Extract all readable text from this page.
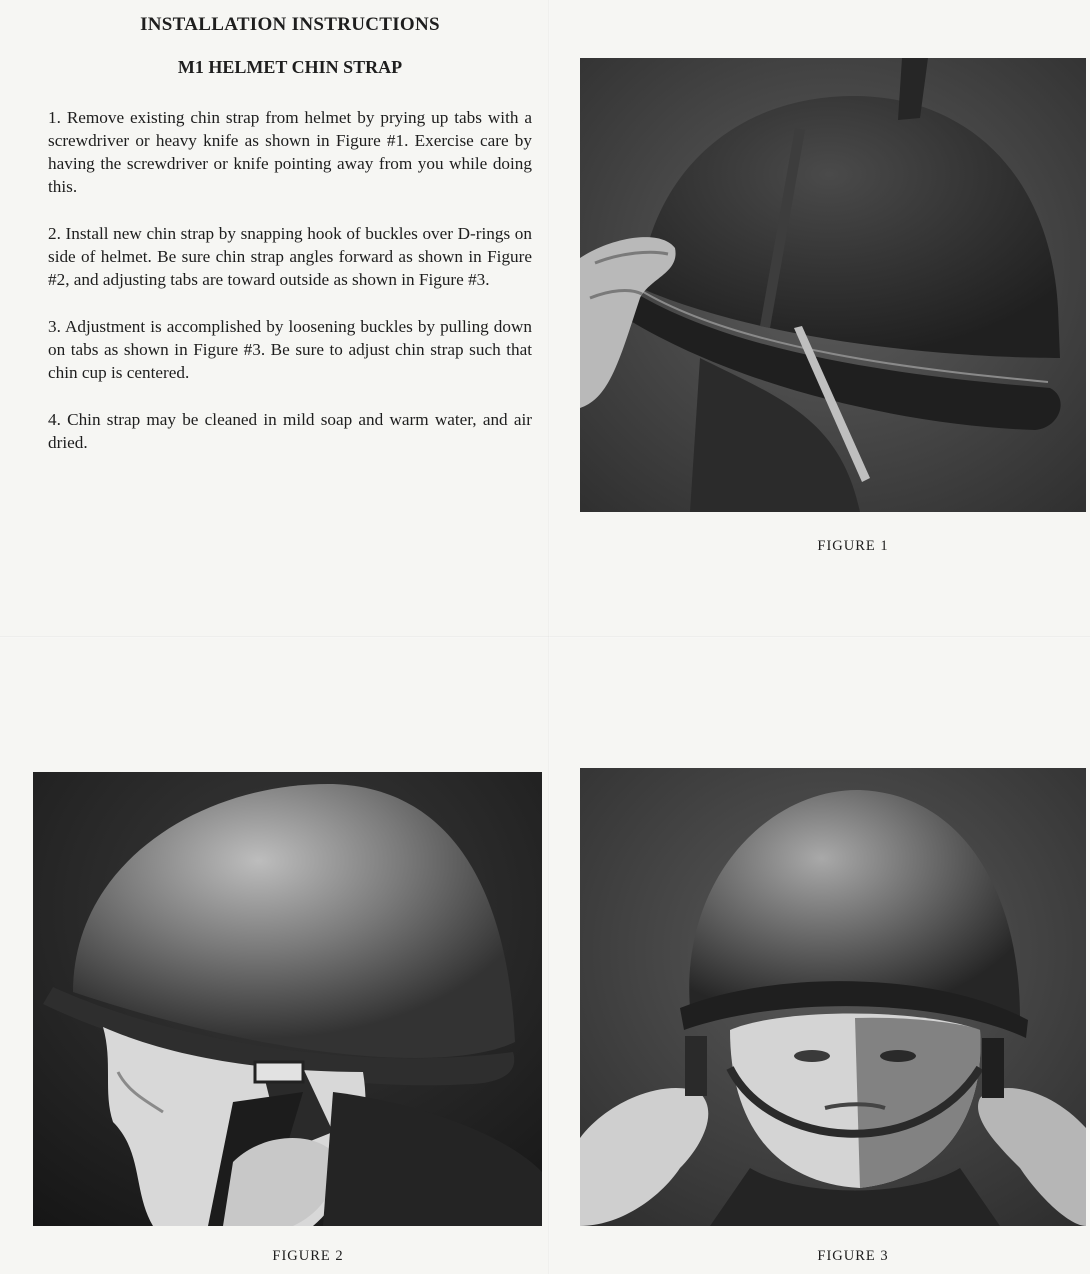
INSTALLATION INSTRUCTIONS
M1 HELMET CHIN STRAP

1. Remove existing chin strap from helmet by prying up tabs with a screwdriver or heavy knife as shown in Figure #1. Exercise care by having the screwdriver or knife pointing away from you while doing this.

2. Install new chin strap by snapping hook of buckles over D-rings on side of helmet. Be sure chin strap angles forward as shown in Figure #2, and adjusting tabs are toward outside as shown in Figure #3.

3. Adjustment is accomplished by loosening buckles by pulling down on tabs as shown in Figure #3. Be sure to adjust chin strap such that chin cup is centered.

4. Chin strap may be cleaned in mild soap and warm water, and air dried.

FIGURE 1
FIGURE 2	FIGURE 3
